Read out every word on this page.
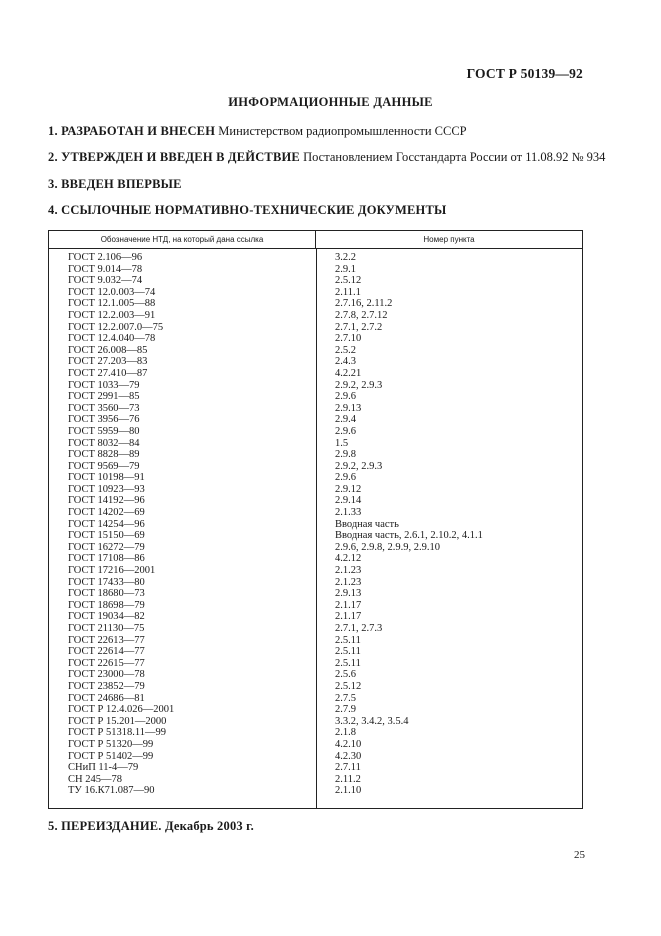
ГОСТ Р 50139—92
ИНФОРМАЦИОННЫЕ ДАННЫЕ
1. РАЗРАБОТАН И ВНЕСЕН Министерством радиопромышленности СССР
2. УТВЕРЖДЕН И ВВЕДЕН В ДЕЙСТВИЕ Постановлением Госстандарта России от 11.08.92 № 934
3. ВВЕДЕН ВПЕРВЫЕ
4. ССЫЛОЧНЫЕ НОРМАТИВНО-ТЕХНИЧЕСКИЕ ДОКУМЕНТЫ
Обозначение НТД, на который дана ссылка	Номер пункта
ГОСТ 2.106—96	3.2.2
ГОСТ 9.014—78	2.9.1
ГОСТ 9.032—74	2.5.12
ГОСТ 12.0.003—74	2.11.1
ГОСТ 12.1.005—88	2.7.16, 2.11.2
ГОСТ 12.2.003—91	2.7.8, 2.7.12
ГОСТ 12.2.007.0—75	2.7.1, 2.7.2
ГОСТ 12.4.040—78	2.7.10
ГОСТ 26.008—85	2.5.2
ГОСТ 27.203—83	2.4.3
ГОСТ 27.410—87	4.2.21
ГОСТ 1033—79	2.9.2, 2.9.3
ГОСТ 2991—85	2.9.6
ГОСТ 3560—73	2.9.13
ГОСТ 3956—76	2.9.4
ГОСТ 5959—80	2.9.6
ГОСТ 8032—84	1.5
ГОСТ 8828—89	2.9.8
ГОСТ 9569—79	2.9.2, 2.9.3
ГОСТ 10198—91	2.9.6
ГОСТ 10923—93	2.9.12
ГОСТ 14192—96	2.9.14
ГОСТ 14202—69	2.1.33
ГОСТ 14254—96	Вводная часть
ГОСТ 15150—69	Вводная часть, 2.6.1, 2.10.2, 4.1.1
ГОСТ 16272—79	2.9.6, 2.9.8, 2.9.9, 2.9.10
ГОСТ 17108—86	4.2.12
ГОСТ 17216—2001	2.1.23
ГОСТ 17433—80	2.1.23
ГОСТ 18680—73	2.9.13
ГОСТ 18698—79	2.1.17
ГОСТ 19034—82	2.1.17
ГОСТ 21130—75	2.7.1, 2.7.3
ГОСТ 22613—77	2.5.11
ГОСТ 22614—77	2.5.11
ГОСТ 22615—77	2.5.11
ГОСТ 23000—78	2.5.6
ГОСТ 23852—79	2.5.12
ГОСТ 24686—81	2.7.5
ГОСТ Р 12.4.026—2001	2.7.9
ГОСТ Р 15.201—2000	3.3.2, 3.4.2, 3.5.4
ГОСТ Р 51318.11—99	2.1.8
ГОСТ Р 51320—99	4.2.10
ГОСТ Р 51402—99	4.2.30
СНиП 11-4—79	2.7.11
СН 245—78	2.11.2
ТУ 16.К71.087—90	2.1.10
5. ПЕРЕИЗДАНИЕ. Декабрь 2003 г.
25
